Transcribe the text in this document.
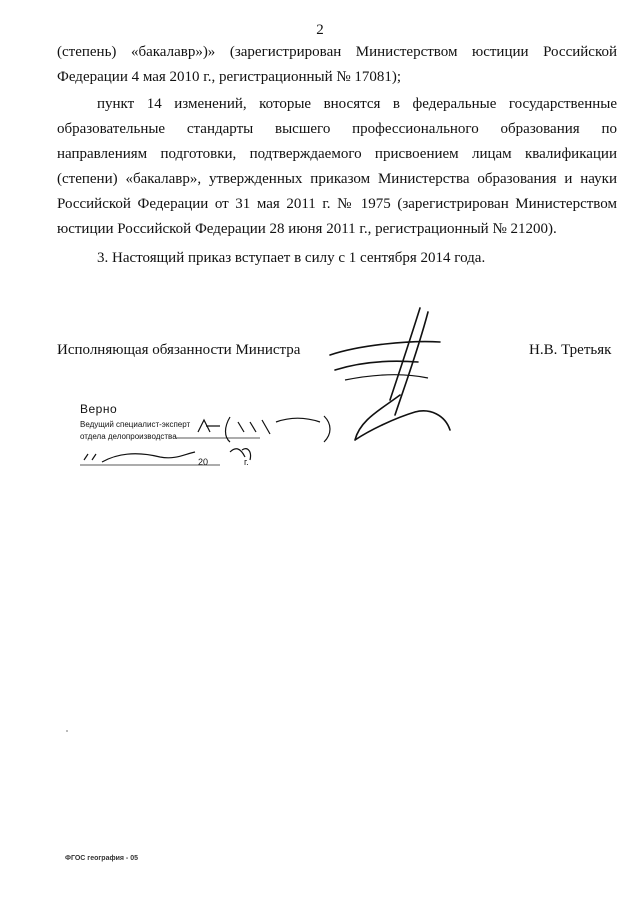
2

(степень) «бакалавр»)» (зарегистрирован Министерством юстиции Российской Федерации 4 мая 2010 г., регистрационный № 17081);

пункт 14 изменений, которые вносятся в федеральные государственные образовательные стандарты высшего профессионального образования по направлениям подготовки, подтверждаемого присвоением лицам квалификации (степени) «бакалавр», утвержденных приказом Министерства образования и науки Российской Федерации от 31 мая 2011 г. № 1975 (зарегистрирован Министерством юстиции Российской Федерации 28 июня 2011 г., регистрационный № 21200).

3. Настоящий приказ вступает в силу с 1 сентября 2014 года.

Исполняющая обязанности Министра	Н.В. Третьяк
Верно
Ведущий специалист-эксперт
отдела делопроизводства
20	г.
ФГОС география - 05
